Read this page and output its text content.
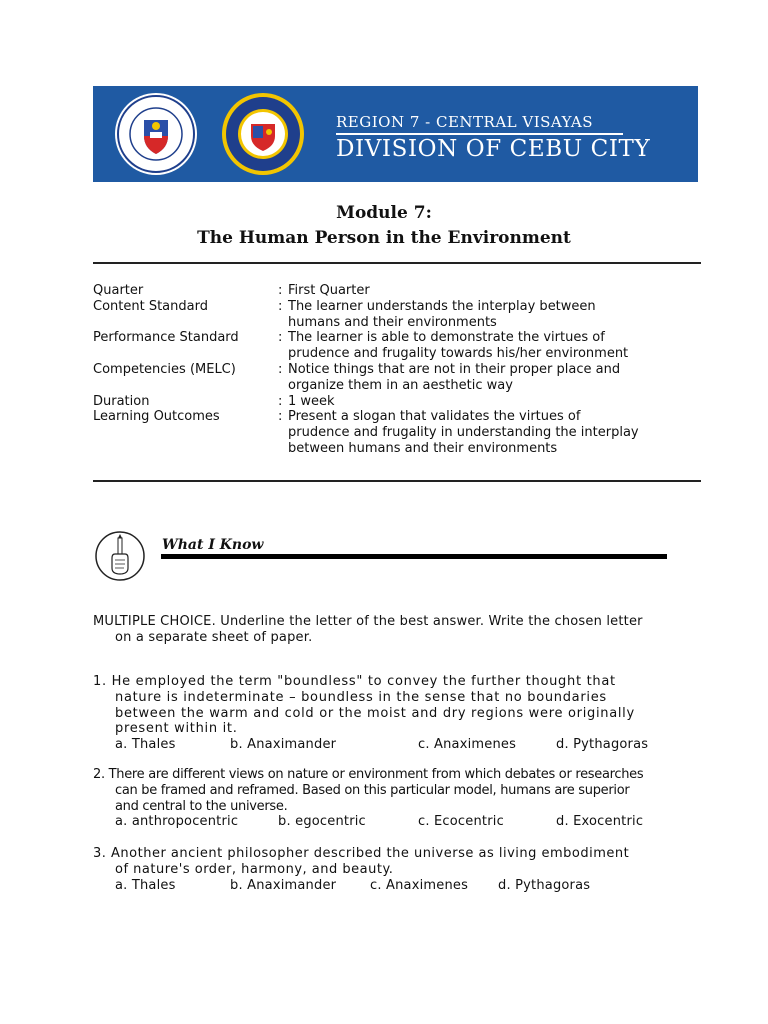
REGION 7 - CENTRAL VISAYAS
DIVISION OF CEBU CITY
Module 7:
The Human Person in the Environment
Quarter	: First Quarter
Content Standard	: The learner understands the interplay between
humans and their environments
Performance Standard	: The learner is able to demonstrate the virtues of
prudence and frugality towards his/her environment
Competencies (MELC)	: Notice things that are not in their proper place and
organize them in an aesthetic way
Duration	: 1 week
Learning Outcomes	: Present a slogan that validates the virtues of
prudence and frugality in understanding the interplay
between humans and their environments
What I Know
MULTIPLE CHOICE. Underline the letter of the best answer. Write the chosen letter
on a separate sheet of paper.
1. He employed the term "boundless" to convey the further thought that
nature is indeterminate – boundless in the sense that no boundaries
between the warm and cold or the moist and dry regions were originally
present within it.
a. Thales	b. Anaximander	c. Anaximenes	d. Pythagoras
2. There are different views on nature or environment from which debates or researches
can be framed and reframed. Based on this particular model, humans are superior
and central to the universe.
a. anthropocentric	b. egocentric	c. Ecocentric	d. Exocentric
3. Another ancient philosopher described the universe as living embodiment
of nature's order, harmony, and beauty.
a. Thales	b. Anaximander	c. Anaximenes	d. Pythagoras
